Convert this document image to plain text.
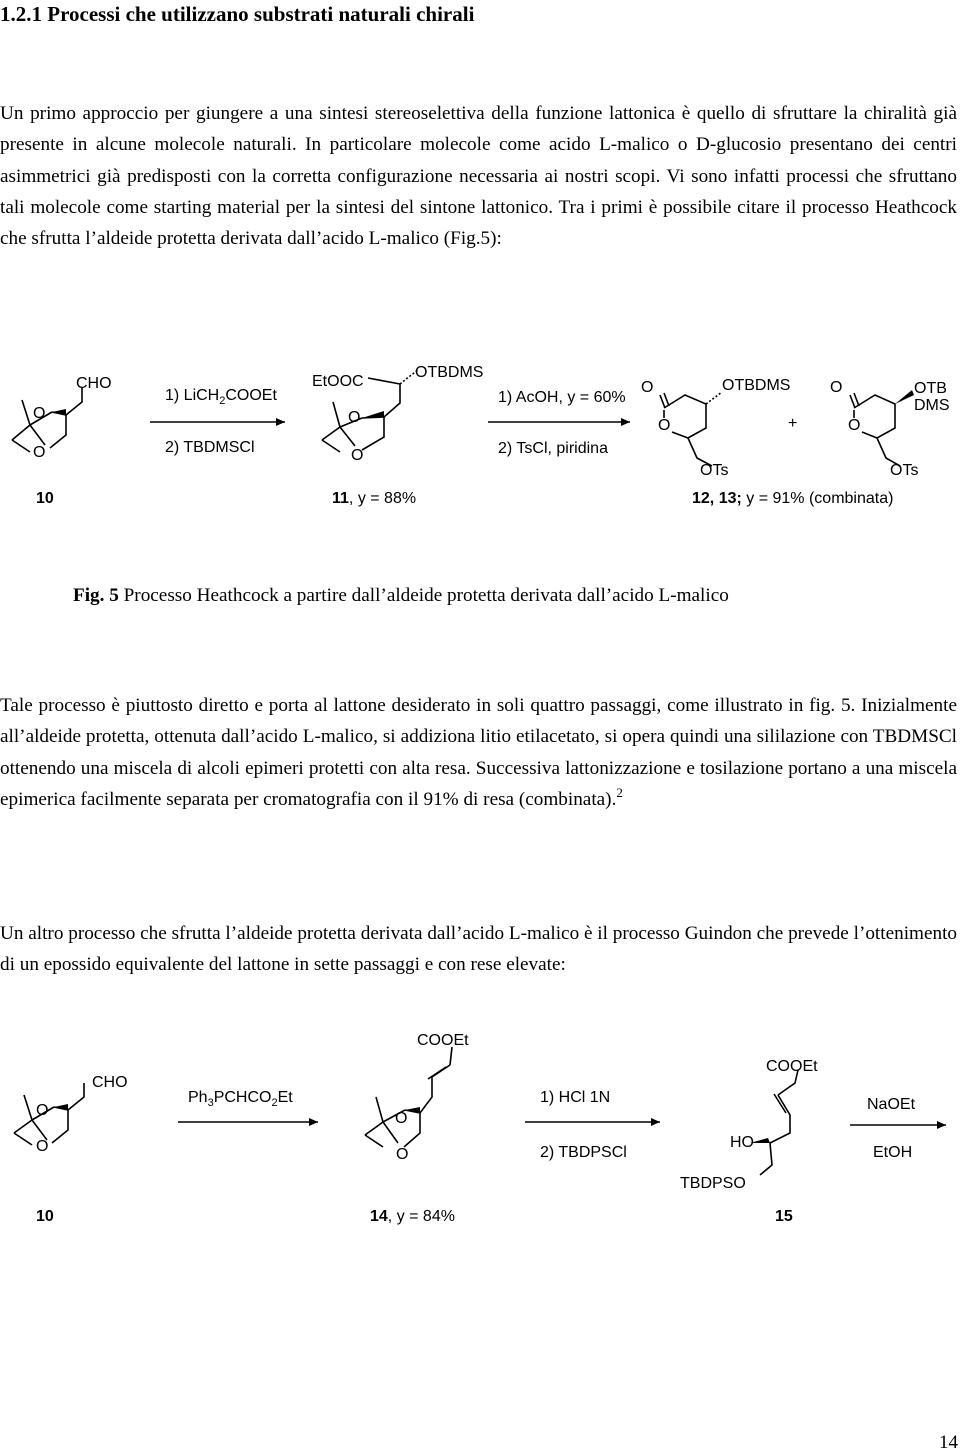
1.2.1 Processi che utilizzano substrati naturali chirali
Un primo approccio per giungere a una sintesi stereoselettiva della funzione lattonica è quello di sfruttare la chiralità già presente in alcune molecole naturali. In particolare molecole come acido L-malico o D-glucosio presentano dei centri asimmetrici già predisposti con la corretta configurazione necessaria ai nostri scopi. Vi sono infatti processi che sfruttano tali molecole come starting material per la sintesi del sintone lattonico. Tra i primi è possibile citare il processo Heathcock che sfrutta l’aldeide protetta derivata dall’acido L-malico (Fig.5):
O
O
CHO
1) LiCH$_2$COOEt
2) TBDMSCl
EtOOC
OTBDMS
O
O
1) AcOH, y = 60%
2) TsCl, piridina
O
O
OTBDMS
OTs
+
O
O
OTB
DMS
OTs
10	11, y = 88%	12, 13; y = 91% (combinata)
Fig. 5 Processo Heathcock a partire dall’aldeide protetta derivata dall’acido L-malico
Tale processo è piuttosto diretto e porta al lattone desiderato in soli quattro passaggi, come illustrato in fig. 5. Inizialmente all’aldeide protetta, ottenuta dall’acido L-malico, si addiziona litio etilacetato, si opera quindi una sililazione con TBDMSCl ottenendo una miscela di alcoli epimeri protetti con alta resa. Successiva lattonizzazione e tosilazione portano a una miscela epimerica facilmente separata per cromatografia con il 91% di resa (combinata).$^2$
Un altro processo che sfrutta l’aldeide protetta derivata dall’acido L-malico è il processo Guindon che prevede l’ottenimento di un epossido equivalente del lattone in sette passaggi e con rese elevate:
O
O
CHO
$Ph_3PCHCO_2Et$
COOEt
O
O
1) HCl 1N
2) TBDPSCl
COOEt
HO
TBDPSO
NaOEt
EtOH
10	14, y = 84%	15
14
